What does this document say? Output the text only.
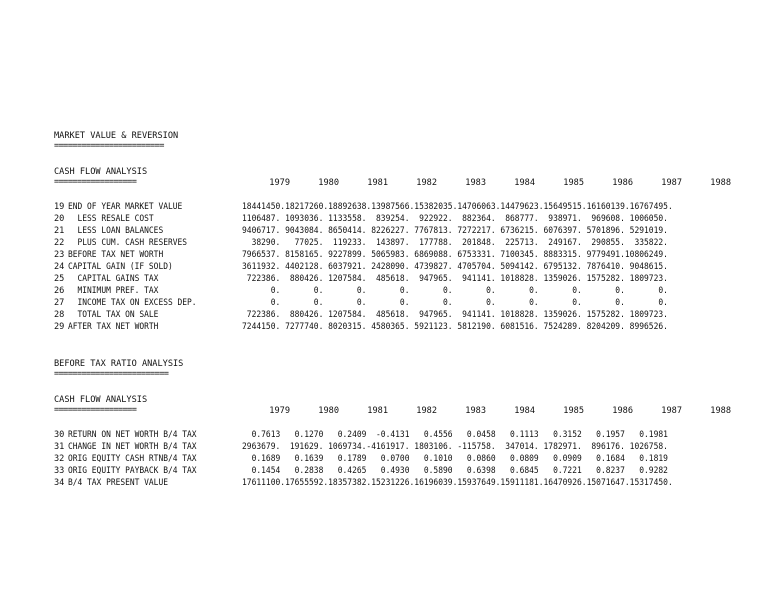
MARKET VALUE & REVERSION
========================
CASH FLOW ANALYSIS
==================	1979	1980	1981	1982	1983	1984	1985	1986	1987	1988
19 END OF YEAR MARKET VALUE	18441450.18217260.18892638.13987566.15382035.14706063.14479623.15649515.16160139.16767495.
20 LESS RESALE COST	1106487. 1093036. 1133558.  839254.  922922.  882364.  868777.  938971.  969608. 1006050.
21 LESS LOAN BALANCES	9406717. 9043084. 8650414. 8226227. 7767813. 7272217. 6736215. 6076397. 5701896. 5291019.
22 PLUS CUM. CASH RESERVES	38290.   77025.  119233.  143897.  177788.  201848.  225713.  249167.  290855.  335822.
23 BEFORE TAX NET WORTH	7966537. 8158165. 9227899. 5065983. 6869088. 6753331. 7100345. 8883315. 9779491.10806249.
24 CAPITAL GAIN (IF SOLD)	3611932. 4402128. 6037921. 2428090. 4739827. 4705704. 5094142. 6795132. 7876410. 9048615.
25 CAPITAL GAINS TAX	722386.  880426. 1207584.  485618.  947965.  941141. 1018828. 1359026. 1575282. 1809723.
26 MINIMUM PREF. TAX	0.       0.       0.       0.       0.       0.       0.       0.       0.       0.
27 INCOME TAX ON EXCESS DEP.	0.       0.       0.       0.       0.       0.       0.       0.       0.       0.
28 TOTAL TAX ON SALE	722386.  880426. 1207584.  485618.  947965.  941141. 1018828. 1359026. 1575282. 1809723.
29 AFTER TAX NET WORTH	7244150. 7277740. 8020315. 4580365. 5921123. 5812190. 6081516. 7524289. 8204209. 8996526.
BEFORE TAX RATIO ANALYSIS
=========================
CASH FLOW ANALYSIS
==================	1979	1980	1981	1982	1983	1984	1985	1986	1987	1988
30 RETURN ON NET WORTH B/4 TAX	0.7613   0.1270   0.2409  -0.4131   0.4556   0.0458   0.1113   0.3152   0.1957   0.1981
31 CHANGE IN NET WORTH B/4 TAX	2963679.  191629. 1069734.-4161917. 1803106. -115758.  347014. 1782971.  896176. 1026758.
32 ORIG EQUITY CASH RTNB/4 TAX	0.1689   0.1639   0.1789   0.0700   0.1010   0.0860   0.0809   0.0909   0.1684   0.1819
33 ORIG EQUITY PAYBACK B/4 TAX	0.1454   0.2838   0.4265   0.4930   0.5890   0.6398   0.6845   0.7221   0.8237   0.9282
34 B/4 TAX PRESENT VALUE	17611100.17655592.18357382.15231226.16196039.15937649.15911181.16470926.15071647.15317450.
